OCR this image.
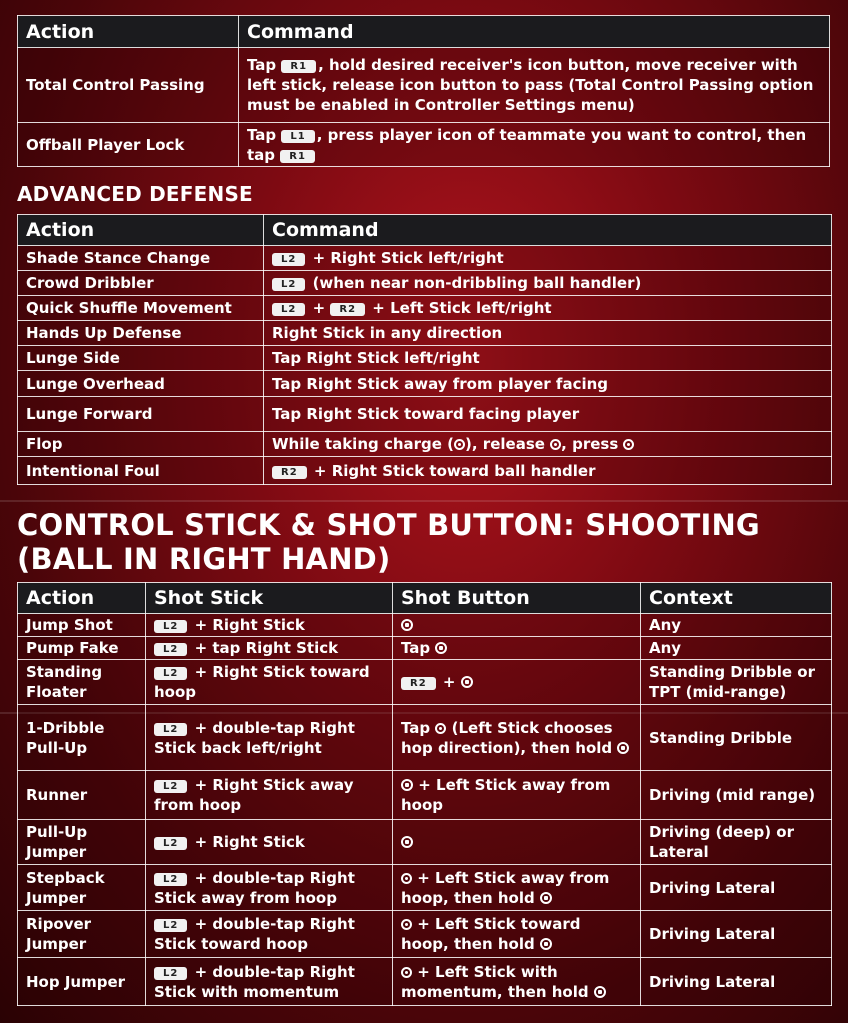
Action	Command
Total Control Passing	Tap R1 , hold desired receiver's icon button, move receiver with left stick, release icon button to pass (Total Control Passing option must be enabled in Controller Settings menu)
Offball Player Lock	Tap L1 , press player icon of teammate you want to control, then tap R1
ADVANCED DEFENSE
Action	Command
Shade Stance Change	L2 + Right Stick left/right
Crowd Dribbler	L2 (when near non-dribbling ball handler)
Quick Shuffle Movement	L2 + R2 + Left Stick left/right
Hands Up Defense	Right Stick in any direction
Lunge Side	Tap Right Stick left/right
Lunge Overhead	Tap Right Stick away from player facing
Lunge Forward	Tap Right Stick toward facing player
Flop	While taking charge ( ), release , press
Intentional Foul	R2 + Right Stick toward ball handler
CONTROL STICK & SHOT BUTTON: SHOOTING
(BALL IN RIGHT HAND)
Action	Shot Stick	Shot Button	Context
Jump Shot	L2 + Right Stick		Any
Pump Fake	L2 + tap Right Stick	Tap	Any
Standing Floater	L2 + Right Stick toward hoop	R2 +	Standing Dribble or TPT (mid-range)
1-Dribble Pull-Up	L2 + double-tap Right Stick back left/right	Tap (Left Stick chooses hop direction), then hold	Standing Dribble
Runner	L2 + Right Stick away from hoop	+ Left Stick away from hoop	Driving (mid range)
Pull-Up Jumper	L2 + Right Stick		Driving (deep) or Lateral
Stepback Jumper	L2 + double-tap Right Stick away from hoop	+ Left Stick away from hoop, then hold	Driving Lateral
Ripover Jumper	L2 + double-tap Right Stick toward hoop	+ Left Stick toward hoop, then hold	Driving Lateral
Hop Jumper	L2 + double-tap Right Stick with momentum	+ Left Stick with momentum, then hold	Driving Lateral
